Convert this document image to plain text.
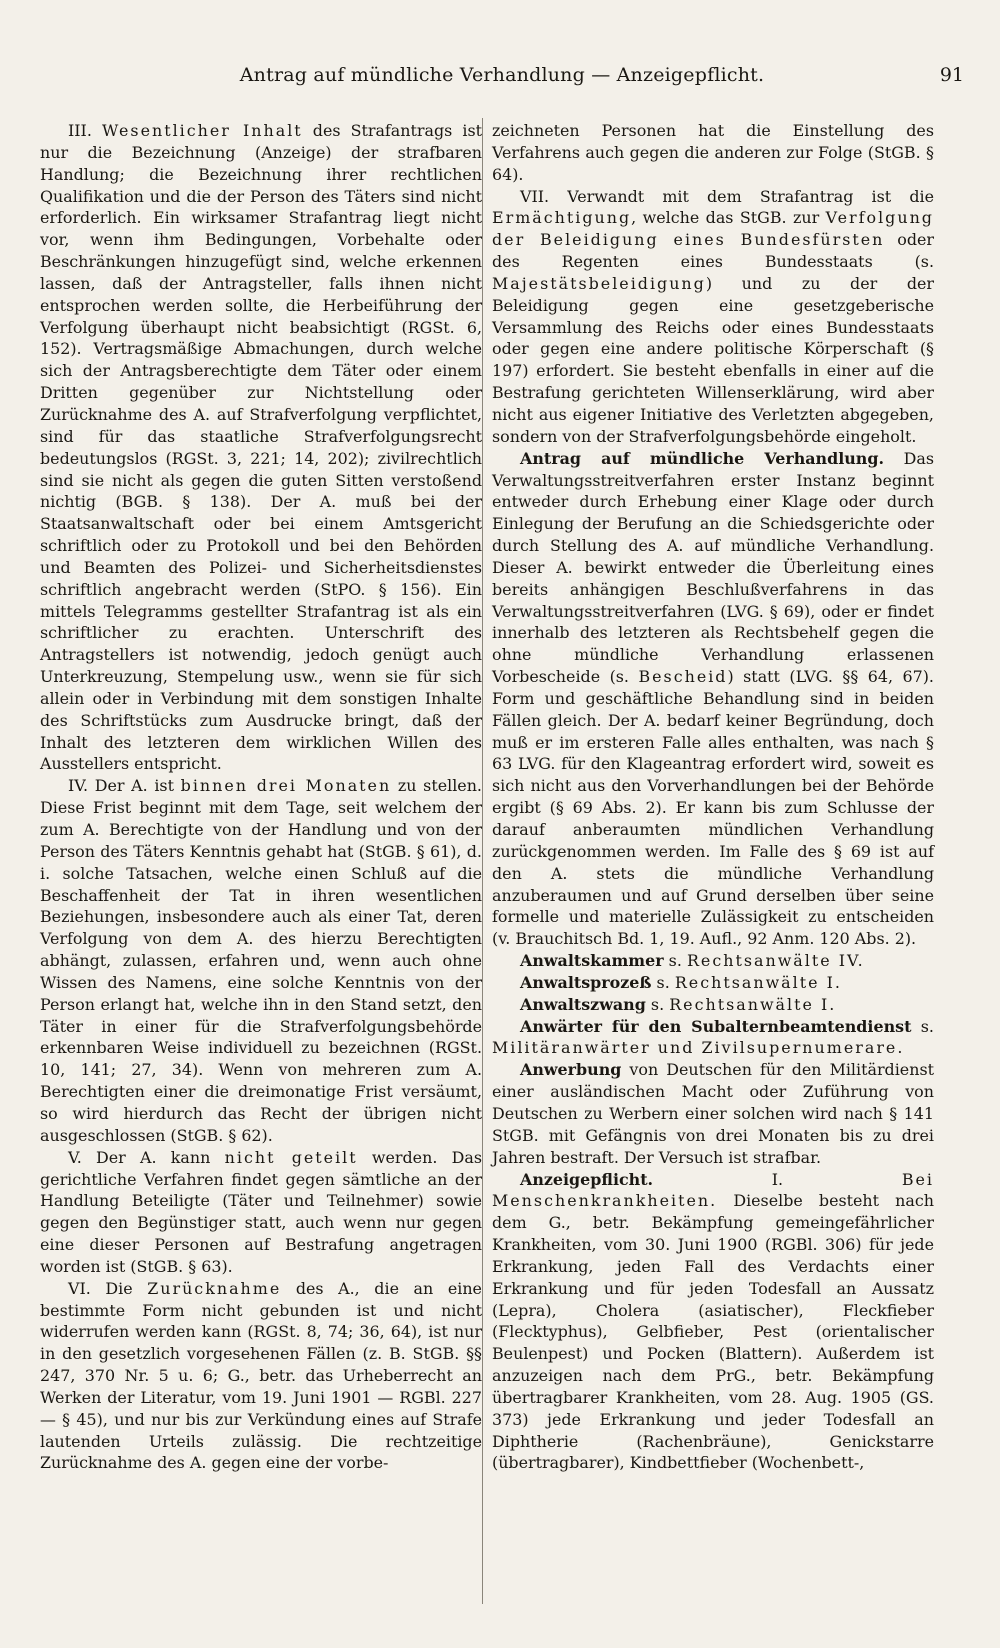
Antrag auf mündliche Verhandlung — Anzeigepflicht.	91

III. Wesentlicher Inhalt des Strafantrags ist nur die Bezeichnung (Anzeige) der strafbaren Handlung; die Bezeichnung ihrer rechtlichen Qualifikation und die der Person des Täters sind nicht erforderlich. Ein wirksamer Strafantrag liegt nicht vor, wenn ihm Bedingungen, Vorbehalte oder Beschränkungen hinzugefügt sind, welche erkennen lassen, daß der Antragsteller, falls ihnen nicht entsprochen werden sollte, die Herbeiführung der Verfolgung überhaupt nicht beabsichtigt (RGSt. 6, 152). Vertragsmäßige Abmachungen, durch welche sich der Antragsberechtigte dem Täter oder einem Dritten gegenüber zur Nichtstellung oder Zurücknahme des A. auf Strafverfolgung verpflichtet, sind für das staatliche Strafverfolgungsrecht bedeutungslos (RGSt. 3, 221; 14, 202); zivilrechtlich sind sie nicht als gegen die guten Sitten verstoßend nichtig (BGB. § 138). Der A. muß bei der Staatsanwaltschaft oder bei einem Amtsgericht schriftlich oder zu Protokoll und bei den Behörden und Beamten des Polizei- und Sicherheitsdienstes schriftlich angebracht werden (StPO. § 156). Ein mittels Telegramms gestellter Strafantrag ist als ein schriftlicher zu erachten. Unterschrift des Antragstellers ist notwendig, jedoch genügt auch Unterkreuzung, Stempelung usw., wenn sie für sich allein oder in Verbindung mit dem sonstigen Inhalte des Schriftstücks zum Ausdrucke bringt, daß der Inhalt des letzteren dem wirklichen Willen des Ausstellers entspricht.

IV. Der A. ist binnen drei Monaten zu stellen. Diese Frist beginnt mit dem Tage, seit welchem der zum A. Berechtigte von der Handlung und von der Person des Täters Kenntnis gehabt hat (StGB. § 61), d. i. solche Tatsachen, welche einen Schluß auf die Beschaffenheit der Tat in ihren wesentlichen Beziehungen, insbesondere auch als einer Tat, deren Verfolgung von dem A. des hierzu Berechtigten abhängt, zulassen, erfahren und, wenn auch ohne Wissen des Namens, eine solche Kenntnis von der Person erlangt hat, welche ihn in den Stand setzt, den Täter in einer für die Strafverfolgungsbehörde erkennbaren Weise individuell zu bezeichnen (RGSt. 10, 141; 27, 34). Wenn von mehreren zum A. Berechtigten einer die dreimonatige Frist versäumt, so wird hierdurch das Recht der übrigen nicht ausgeschlossen (StGB. § 62).

V. Der A. kann nicht geteilt werden. Das gerichtliche Verfahren findet gegen sämtliche an der Handlung Beteiligte (Täter und Teilnehmer) sowie gegen den Begünstiger statt, auch wenn nur gegen eine dieser Personen auf Bestrafung angetragen worden ist (StGB. § 63).

VI. Die Zurücknahme des A., die an eine bestimmte Form nicht gebunden ist und nicht widerrufen werden kann (RGSt. 8, 74; 36, 64), ist nur in den gesetzlich vorgesehenen Fällen (z. B. StGB. §§ 247, 370 Nr. 5 u. 6; G., betr. das Urheberrecht an Werken der Literatur, vom 19. Juni 1901 — RGBl. 227 — § 45), und nur bis zur Verkündung eines auf Strafe lautenden Urteils zulässig. Die rechtzeitige Zurücknahme des A. gegen eine der vorbe-

zeichneten Personen hat die Einstellung des Verfahrens auch gegen die anderen zur Folge (StGB. § 64).

VII. Verwandt mit dem Strafantrag ist die Ermächtigung, welche das StGB. zur Verfolgung der Beleidigung eines Bundesfürsten oder des Regenten eines Bundesstaats (s. Majestätsbeleidigung) und zu der der Beleidigung gegen eine gesetzgeberische Versammlung des Reichs oder eines Bundesstaats oder gegen eine andere politische Körperschaft (§ 197) erfordert. Sie besteht ebenfalls in einer auf die Bestrafung gerichteten Willenserklärung, wird aber nicht aus eigener Initiative des Verletzten abgegeben, sondern von der Strafverfolgungsbehörde eingeholt.

Antrag auf mündliche Verhandlung. Das Verwaltungsstreitverfahren erster Instanz beginnt entweder durch Erhebung einer Klage oder durch Einlegung der Berufung an die Schiedsgerichte oder durch Stellung des A. auf mündliche Verhandlung. Dieser A. bewirkt entweder die Überleitung eines bereits anhängigen Beschlußverfahrens in das Verwaltungsstreitverfahren (LVG. § 69), oder er findet innerhalb des letzteren als Rechtsbehelf gegen die ohne mündliche Verhandlung erlassenen Vorbescheide (s. Bescheid) statt (LVG. §§ 64, 67). Form und geschäftliche Behandlung sind in beiden Fällen gleich. Der A. bedarf keiner Begründung, doch muß er im ersteren Falle alles enthalten, was nach § 63 LVG. für den Klageantrag erfordert wird, soweit es sich nicht aus den Vorverhandlungen bei der Behörde ergibt (§ 69 Abs. 2). Er kann bis zum Schlusse der darauf anberaumten mündlichen Verhandlung zurückgenommen werden. Im Falle des § 69 ist auf den A. stets die mündliche Verhandlung anzuberaumen und auf Grund derselben über seine formelle und materielle Zulässigkeit zu entscheiden (v. Brauchitsch Bd. 1, 19. Aufl., 92 Anm. 120 Abs. 2).

Anwaltskammer s. Rechtsanwälte IV.

Anwaltsprozeß s. Rechtsanwälte I.

Anwaltszwang s. Rechtsanwälte I.

Anwärter für den Subalternbeamtendienst s. Militäranwärter und Zivilsupernumerare.

Anwerbung von Deutschen für den Militärdienst einer ausländischen Macht oder Zuführung von Deutschen zu Werbern einer solchen wird nach § 141 StGB. mit Gefängnis von drei Monaten bis zu drei Jahren bestraft. Der Versuch ist strafbar.

Anzeigepflicht.	I.	Bei Menschenkrankheiten. Dieselbe besteht nach dem G., betr. Bekämpfung gemeingefährlicher Krankheiten, vom 30. Juni 1900 (RGBl. 306) für jede Erkrankung, jeden Fall des Verdachts einer Erkrankung und für jeden Todesfall an Aussatz (Lepra), Cholera (asiatischer), Fleckfieber (Flecktyphus), Gelbfieber, Pest (orientalischer Beulenpest) und Pocken (Blattern). Außerdem ist anzuzeigen nach dem PrG., betr. Bekämpfung übertragbarer Krankheiten, vom 28. Aug. 1905 (GS. 373) jede Erkrankung und jeder Todesfall an Diphtherie (Rachenbräune), Genickstarre (übertragbarer), Kindbettfieber (Wochenbett-,
